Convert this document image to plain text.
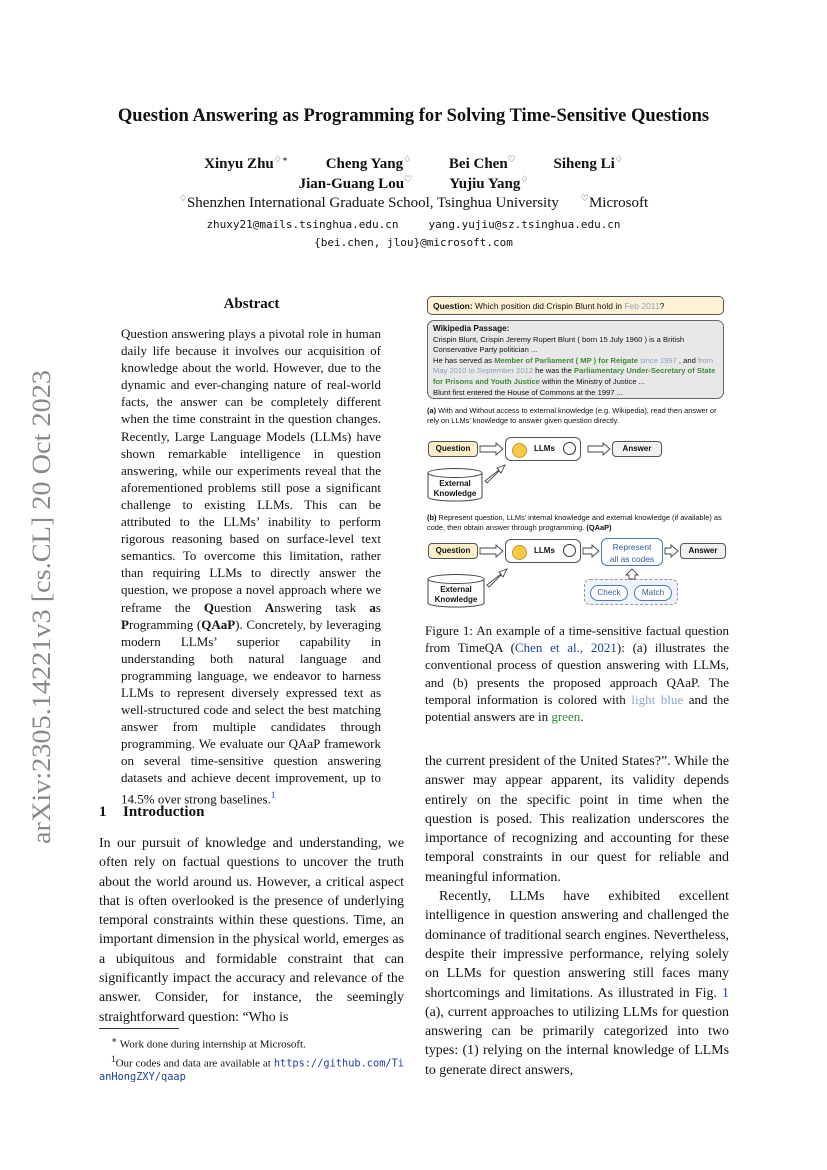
arXiv:2305.14221v3 [cs.CL] 20 Oct 2023
Question Answering as Programming for Solving Time-Sensitive Questions
Xinyu Zhu♢∗	Cheng Yang♢	Bei Chen♡	Siheng Li♢
Jian-Guang Lou♡ Yujiu Yang♢
♢Shenzhen International Graduate School, Tsinghua University ♡Microsoft
zhuxy21@mails.tsinghua.edu.cn	yang.yujiu@sz.tsinghua.edu.cn
{bei.chen, jlou}@microsoft.com
Abstract
Question answering plays a pivotal role in human daily life because it involves our acquisition of knowledge about the world. However, due to the dynamic and ever-changing nature of real-world facts, the answer can be completely different when the time constraint in the question changes. Recently, Large Language Models (LLMs) have shown remarkable intelligence in question answering, while our experiments reveal that the aforementioned problems still pose a significant challenge to existing LLMs. This can be attributed to the LLMs’ inability to perform rigorous reasoning based on surface-level text semantics. To overcome this limitation, rather than requiring LLMs to directly answer the question, we propose a novel approach where we reframe the Question Answering task as Programming (QAaP). Concretely, by leveraging modern LLMs’ superior capability in understanding both natural language and programming language, we endeavor to harness LLMs to represent diversely expressed text as well-structured code and select the best matching answer from multiple candidates through programming. We evaluate our QAaP framework on several time-sensitive question answering datasets and achieve decent improvement, up to 14.5% over strong baselines.$^1$
1 Introduction

In our pursuit of knowledge and understanding, we often rely on factual questions to uncover the truth about the world around us. However, a critical aspect that is often overlooked is the presence of underlying temporal constraints within these questions. Time, an important dimension in the physical world, emerges as a ubiquitous and formidable constraint that can significantly impact the accuracy and relevance of the answer. Consider, for instance, the seemingly straightforward question: “Who is

∗ Work done during internship at Microsoft.
$^1$Our codes and data are available at https://github.com/TianHongZXY/qaap
Question: Which position did Crispin Blunt hold in Feb 2011?
Wikipedia Passage:
Crispin Blunt, Crispin Jeremy Rupert Blunt ( born 15 July 1960 ) is a British Conservative Party politician ...
He has served as Member of Parliament ( MP ) for Reigate since 1997 , and from May 2010 to September 2012 he was the Parliamentary Under-Secretary of State for Prisons and Youth Justice within the Ministry of Justice ...
Blunt first entered the House of Commons at the 1997 ...
(a) With and Without access to external knowledge (e.g. Wikipedia), read then answer or rely on LLMs’ knowledge to answer given question directly.
Question	LLMs	Answer
External
Knowledge
(b) Represent question, LLMs’ internal knowledge and external knowledge (if available) as code, then obtain answer through programming. (QAaP)
Question	LLMs	Represent
all as codes
Answer
External
Knowledge
Check	Match
Figure 1: An example of a time-sensitive factual question from TimeQA (Chen et al., 2021): (a) illustrates the conventional process of question answering with LLMs, and (b) presents the proposed approach QAaP. The temporal information is colored with light blue and the potential answers are in green.

the current president of the United States?”. While the answer may appear apparent, its validity depends entirely on the specific point in time when the question is posed. This realization underscores the importance of recognizing and accounting for these temporal constraints in our quest for reliable and meaningful information.

Recently, LLMs have exhibited excellent intelligence in question answering and challenged the dominance of traditional search engines. Nevertheless, despite their impressive performance, relying solely on LLMs for question answering still faces many shortcomings and limitations. As illustrated in Fig. 1 (a), current approaches to utilizing LLMs for question answering can be primarily categorized into two types: (1) relying on the internal knowledge of LLMs to generate direct answers,
